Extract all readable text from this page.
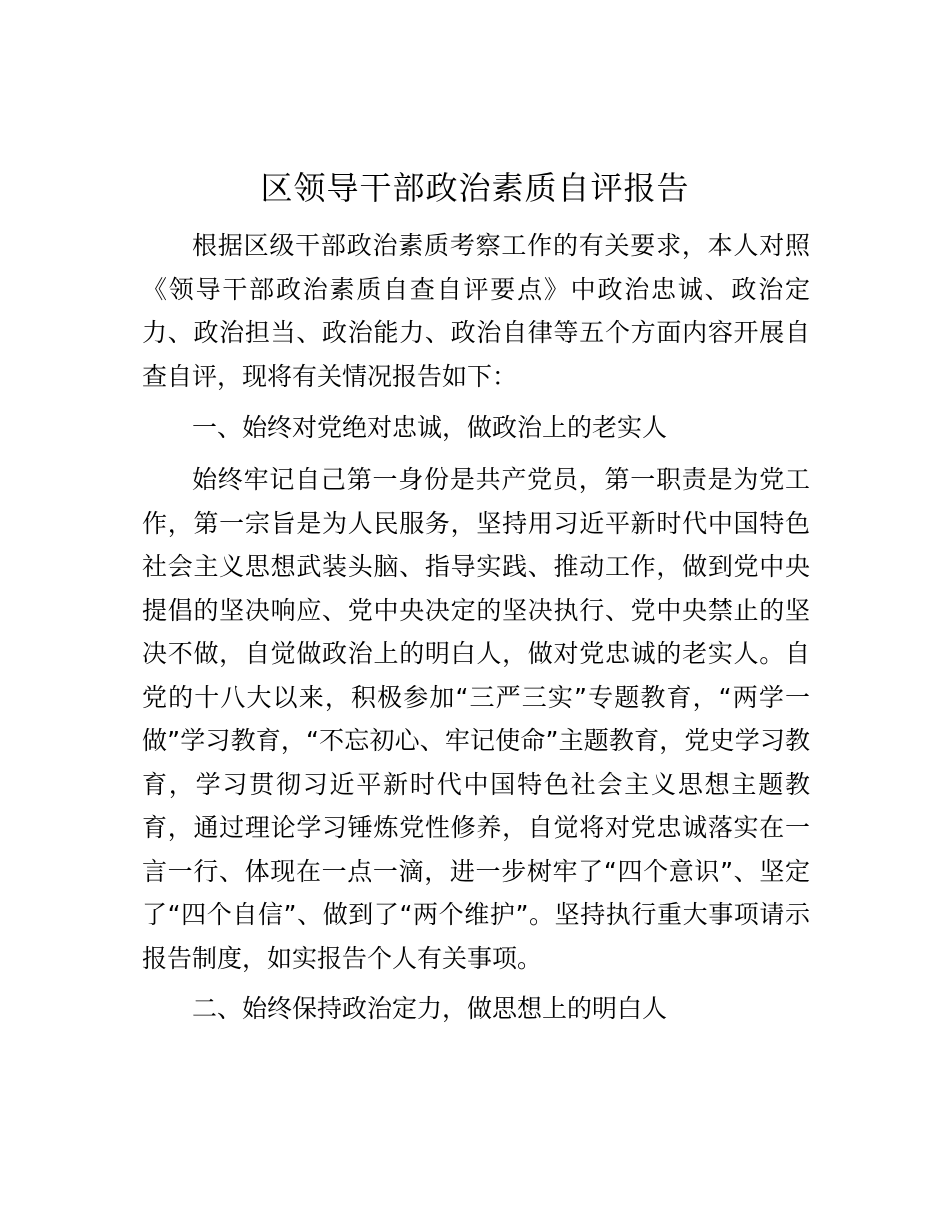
区领导干部政治素质自评报告

根据区级干部政治素质考察工作的有关要求，本人对照《领导干部政治素质自查自评要点》中政治忠诚、政治定力、政治担当、政治能力、政治自律等五个方面内容开展自查自评，现将有关情况报告如下：

一、始终对党绝对忠诚，做政治上的老实人

始终牢记自己第一身份是共产党员，第一职责是为党工作，第一宗旨是为人民服务，坚持用习近平新时代中国特色社会主义思想武装头脑、指导实践、推动工作，做到党中央提倡的坚决响应、党中央决定的坚决执行、党中央禁止的坚决不做，自觉做政治上的明白人，做对党忠诚的老实人。自党的十八大以来，积极参加“三严三实”专题教育，“两学一做”学习教育，“不忘初心、牢记使命”主题教育，党史学习教育，学习贯彻习近平新时代中国特色社会主义思想主题教育，通过理论学习锤炼党性修养，自觉将对党忠诚落实在一言一行、体现在一点一滴，进一步树牢了“四个意识”、坚定了“四个自信”、做到了“两个维护”。坚持执行重大事项请示报告制度，如实报告个人有关事项。

二、始终保持政治定力，做思想上的明白人
